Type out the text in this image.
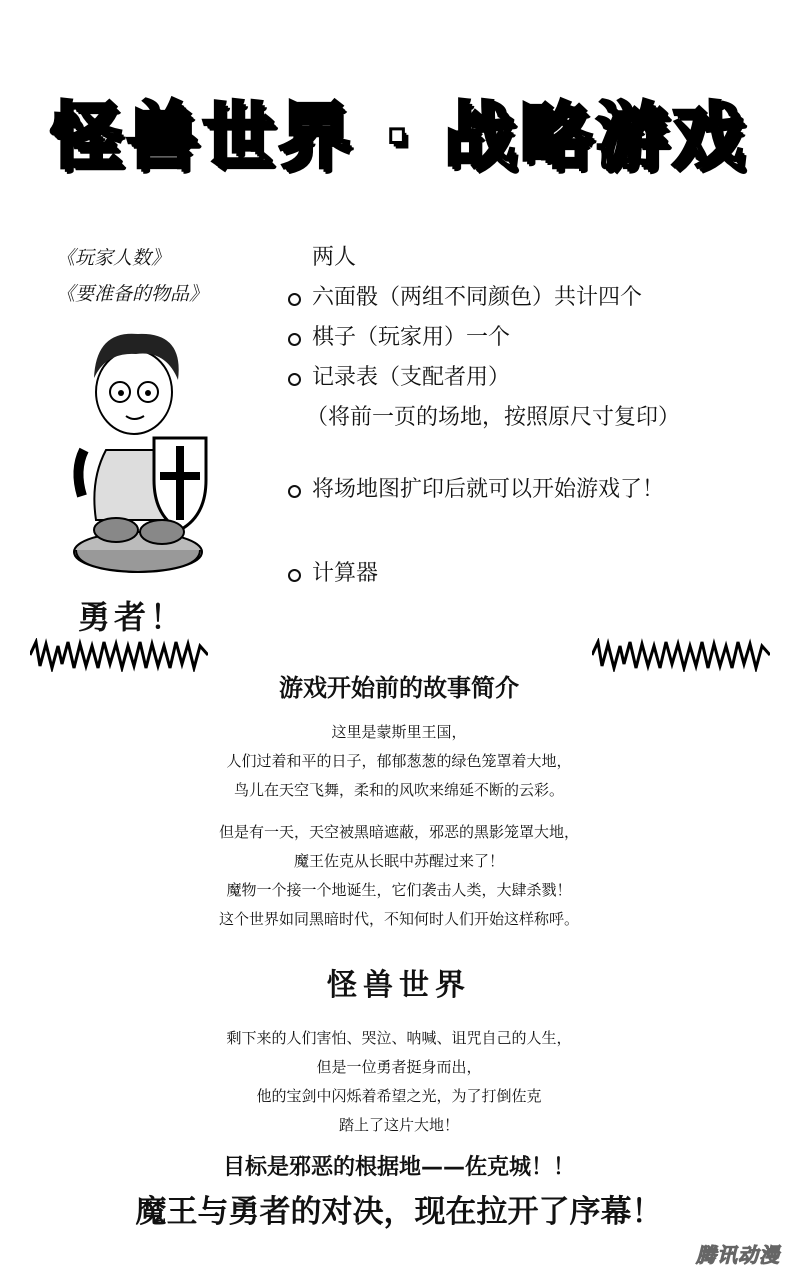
怪兽世界 · 战略游戏
《玩家人数》
《要准备的物品》
两人
六面骰（两组不同颜色）共计四个
棋子（玩家用）一个
记录表（支配者用）
（将前一页的场地，按照原尺寸复印）
将场地图扩印后就可以开始游戏了！
计算器
勇者！
游戏开始前的故事简介
这里是蒙斯里王国，
人们过着和平的日子，郁郁葱葱的绿色笼罩着大地，
鸟儿在天空飞舞，柔和的风吹来绵延不断的云彩。
但是有一天，天空被黑暗遮蔽，邪恶的黑影笼罩大地，
魔王佐克从长眠中苏醒过来了！
魔物一个接一个地诞生，它们袭击人类，大肆杀戮！
这个世界如同黑暗时代，不知何时人们开始这样称呼。
怪兽世界
剩下来的人们害怕、哭泣、呐喊、诅咒自己的人生，
但是一位勇者挺身而出，
他的宝剑中闪烁着希望之光，为了打倒佐克
踏上了这片大地！
目标是邪恶的根据地——佐克城！！
魔王与勇者的对决，现在拉开了序幕！
腾讯动漫
